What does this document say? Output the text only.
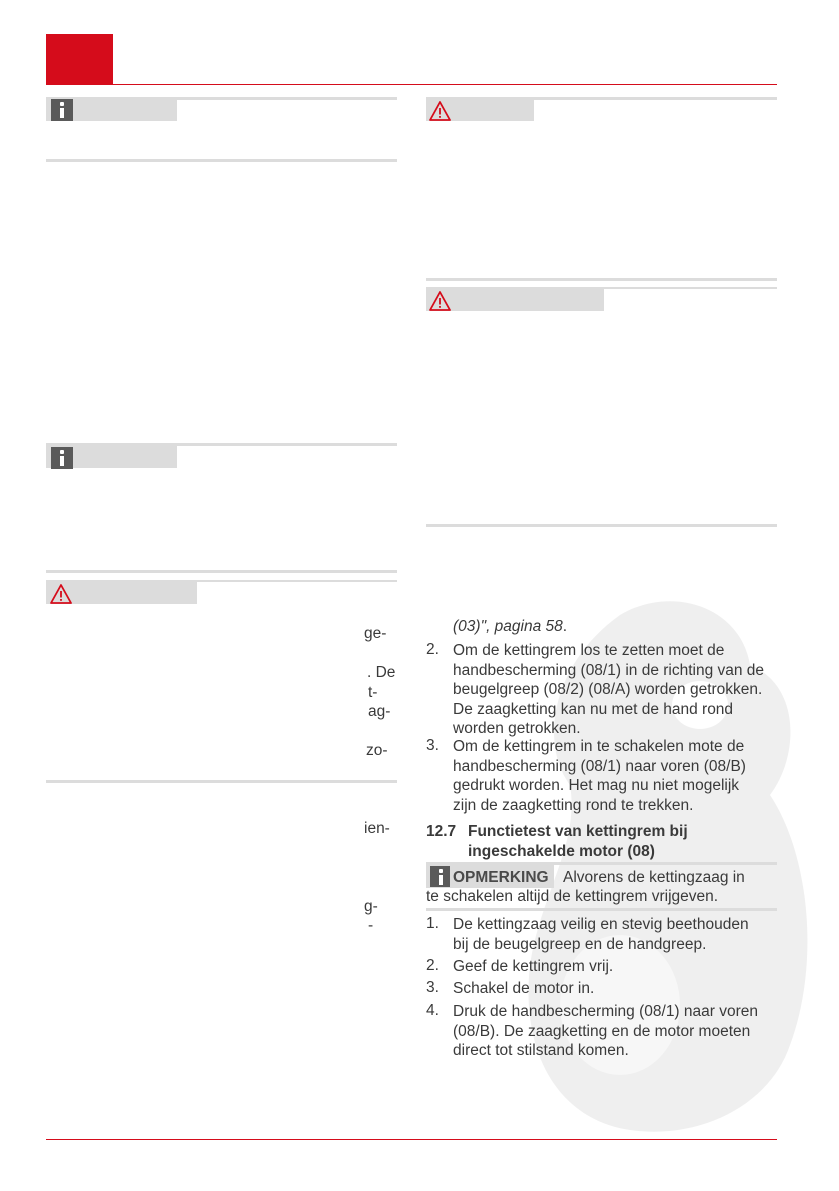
ge-
. De
t-
ag-
zo-
ien-
g-
-
(03)", pagina 58.
2. Om de kettingrem los te zetten moet de
handbescherming (08/1) in de richting van de
beugelgreep (08/2) (08/A) worden getrokken.
De zaagketting kan nu met de hand rond
worden getrokken.
3. Om de kettingrem in te schakelen mote de
handbescherming (08/1) naar voren (08/B)
gedrukt worden. Het mag nu niet mogelijk
zijn de zaagketting rond te trekken.
12.7 Functietest van kettingrem bij
ingeschakelde motor (08)
OPMERKING Alvorens de kettingzaag in
te schakelen altijd de kettingrem vrijgeven.
1. De kettingzaag veilig en stevig beethouden
bij de beugelgreep en de handgreep.
2. Geef de kettingrem vrij.
3. Schakel de motor in.
4. Druk de handbescherming (08/1) naar voren
(08/B). De zaagketting en de motor moeten
direct tot stilstand komen.
